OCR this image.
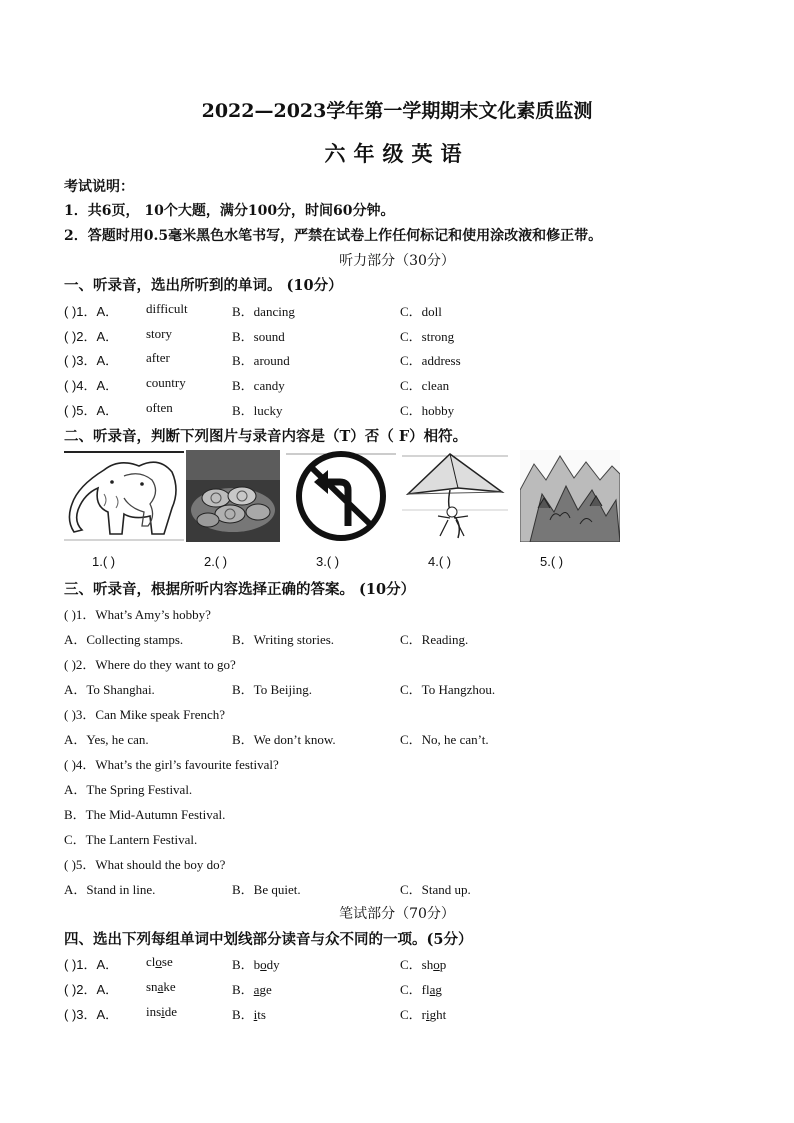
2022—2023学年第一学期期末文化素质监测
六年级英语
考试说明：
1．共6页， 10个大题，满分100分，时间60分钟。
2．答题时用0.5毫米黑色水笔书写，严禁在试卷上作任何标记和使用涂改液和修正带。
听力部分（30分）
一、听录音，选出所听到的单词。 (10分）
( )1．A． difficult	B．dancing	C．doll
( )2．A． story	B．sound	C．strong
( )3．A． after	B．around	C．address
( )4．A． country	B．candy	C．clean
( )5．A． often	B．lucky	C．hobby
二、听录音，判断下列图片与录音内容是（T）否（ F）相符。
1.( )	2.( )	3.( )	4.( )	5.( )
三、听录音，根据所听内容选择正确的答案。 (10分）
( )1．What’s Amy’s hobby?
A．Collecting stamps.	B．Writing stories.	C．Reading.
( )2．Where do they want to go?
A．To Shanghai.	B．To Beijing.	C．To Hangzhou.
( )3．Can Mike speak French?
A．Yes, he can.	B．We don’t know.	C．No, he can’t.
( )4．What’s the girl’s favourite festival?
A．The Spring Festival.
B．The Mid-Autumn Festival.
C．The Lantern Festival.
( )5．What should the boy do?
A．Stand in line.	B．Be quiet.	C．Stand up.
笔试部分（70分）
四、选出下列每组单词中划线部分读音与众不同的一项。(5分）
( )1．A． close	B．body	C．shop
( )2．A． snake	B．age	C．flag
( )3．A． inside	B．its	C．right
